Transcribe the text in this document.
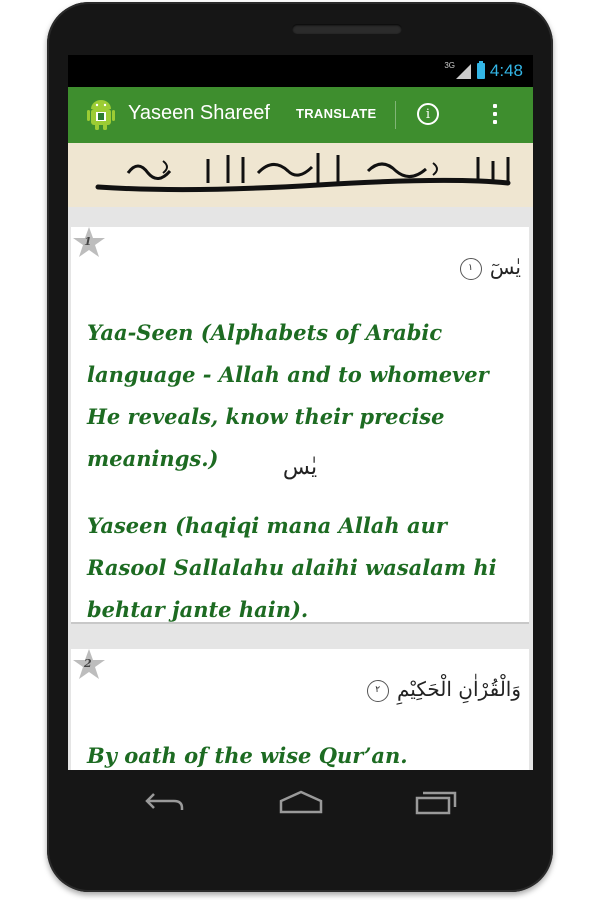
3G 4:48
Yaseen Shareef TRANSLATE	i
1
يٰسٓ ١
Yaa-Seen (Alphabets of Arabic language - Allah and to whomever He reveals, know their precise meanings.)	یٰس
Yaseen (haqiqi mana Allah aur Rasool Sallalahu alaihi wasalam hi behtar jante hain).
2
وَالْقُرْاٰنِ الْحَكِيْمِ ٢
By oath of the wise Qur’an.
